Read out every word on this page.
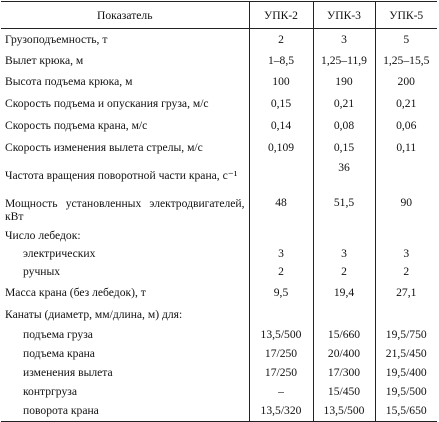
Показатель	УПК-2	УПК-3	УПК-5
Грузоподъемность, т	2	3	5
Вылет крюка, м	1–8,5	1,25–11,9	1,25–15,5
Высота подъема крюка, м	100	190	200
Скорость подъема и опускания груза, м/с	0,15	0,21	0,21
Скорость подъема крана, м/с	0,14	0,08	0,06
Скорость изменения вылета стрелы, м/с	0,109	0,15	0,11
Частота вращения поворотной части крана, с⁻¹		36	
Мощность установленных электродвигателей, кВт	48	51,5	90
Число лебедок:			
электрических	3	3	3
ручных	2	2	2
Масса крана (без лебедок), т	9,5	19,4	27,1
Канаты (диаметр, мм/длина, м) для:			
подъема груза	13,5/500	15/660	19,5/750
подъема крана	17/250	20/400	21,5/450
изменения вылета	17/250	17/300	19,5/400
контргруза	–	15/450	19,5/500
поворота крана	13,5/320	13,5/500	15,5/650
